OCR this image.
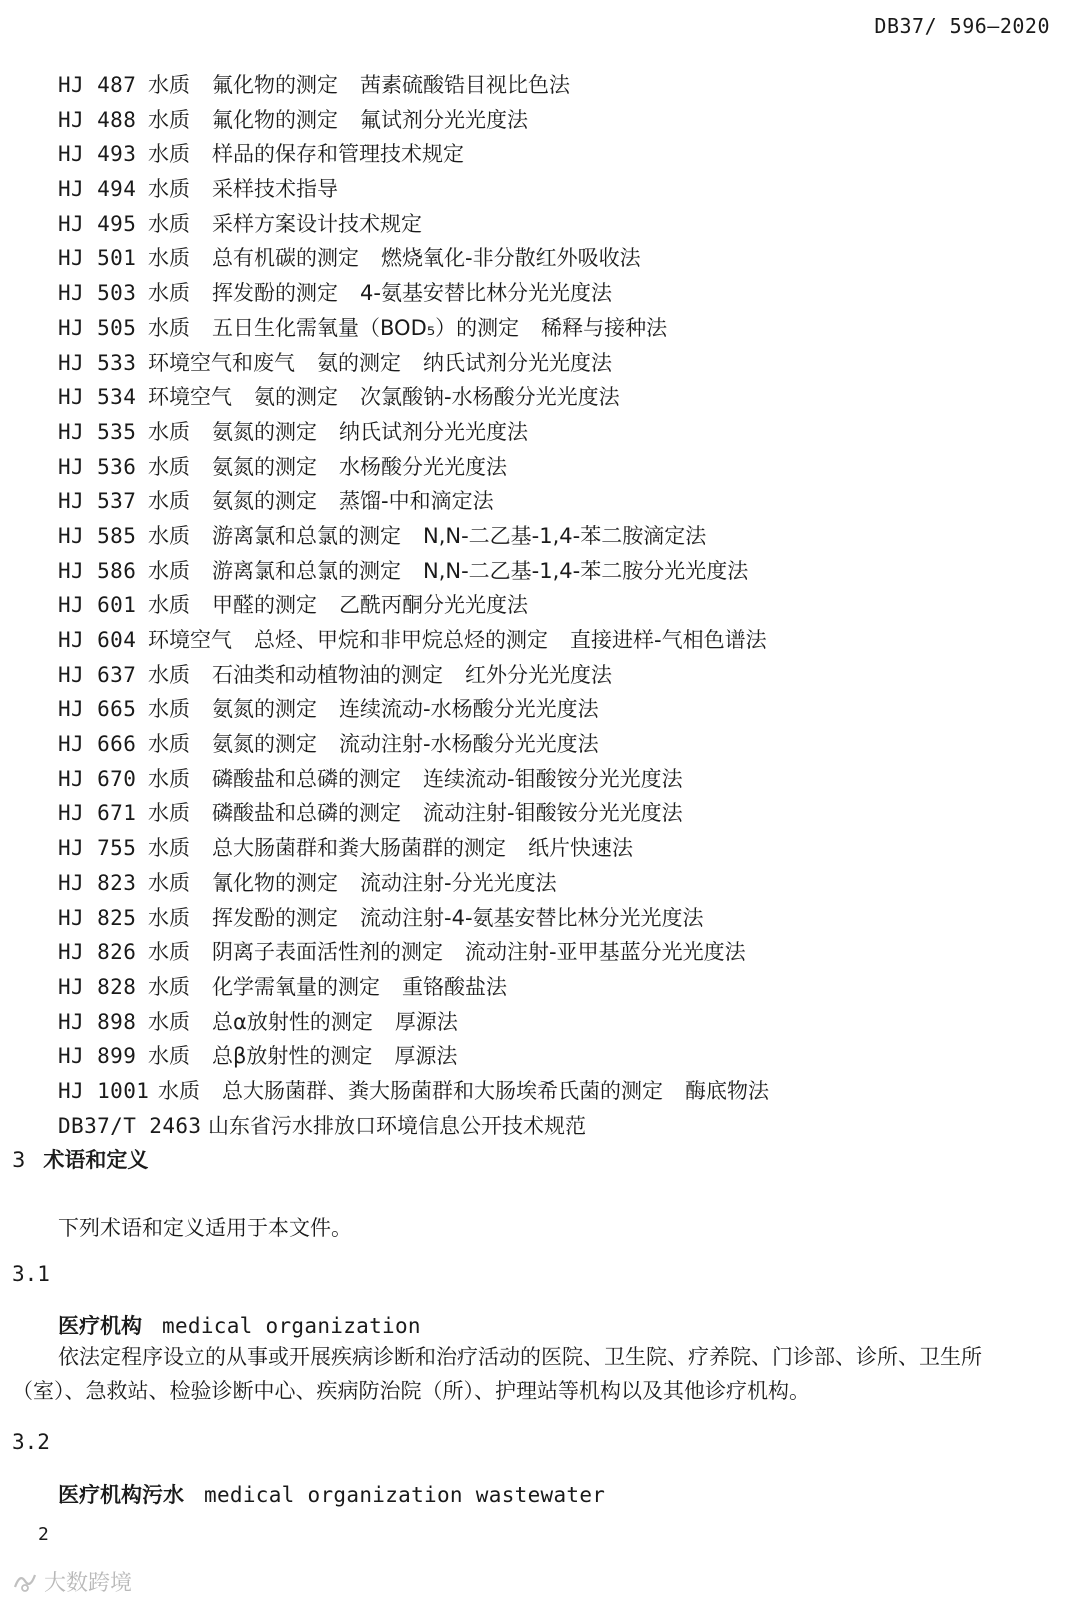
DB37/ 596—2020
HJ 487 水质 氟化物的测定 茜素硫酸锆目视比色法
HJ 488 水质 氟化物的测定 氟试剂分光光度法
HJ 493 水质 样品的保存和管理技术规定
HJ 494 水质 采样技术指导
HJ 495 水质 采样方案设计技术规定
HJ 501 水质 总有机碳的测定 燃烧氧化-非分散红外吸收法
HJ 503 水质 挥发酚的测定 4-氨基安替比林分光光度法
HJ 505 水质 五日生化需氧量（BOD₅）的测定 稀释与接种法
HJ 533 环境空气和废气 氨的测定 纳氏试剂分光光度法
HJ 534 环境空气 氨的测定 次氯酸钠-水杨酸分光光度法
HJ 535 水质 氨氮的测定 纳氏试剂分光光度法
HJ 536 水质 氨氮的测定 水杨酸分光光度法
HJ 537 水质 氨氮的测定 蒸馏-中和滴定法
HJ 585 水质 游离氯和总氯的测定 N,N-二乙基-1,4-苯二胺滴定法
HJ 586 水质 游离氯和总氯的测定 N,N-二乙基-1,4-苯二胺分光光度法
HJ 601 水质 甲醛的测定 乙酰丙酮分光光度法
HJ 604 环境空气 总烃、甲烷和非甲烷总烃的测定 直接进样-气相色谱法
HJ 637 水质 石油类和动植物油的测定 红外分光光度法
HJ 665 水质 氨氮的测定 连续流动-水杨酸分光光度法
HJ 666 水质 氨氮的测定 流动注射-水杨酸分光光度法
HJ 670 水质 磷酸盐和总磷的测定 连续流动-钼酸铵分光光度法
HJ 671 水质 磷酸盐和总磷的测定 流动注射-钼酸铵分光光度法
HJ 755 水质 总大肠菌群和粪大肠菌群的测定 纸片快速法
HJ 823 水质 氰化物的测定 流动注射-分光光度法
HJ 825 水质 挥发酚的测定 流动注射-4-氨基安替比林分光光度法
HJ 826 水质 阴离子表面活性剂的测定 流动注射-亚甲基蓝分光光度法
HJ 828 水质 化学需氧量的测定 重铬酸盐法
HJ 898 水质 总α放射性的测定 厚源法
HJ 899 水质 总β放射性的测定 厚源法
HJ 1001 水质 总大肠菌群、粪大肠菌群和大肠埃希氏菌的测定 酶底物法
DB37/T 2463 山东省污水排放口环境信息公开技术规范
3 术语和定义
下列术语和定义适用于本文件。
3.1
医疗机构 medical organization
依法定程序设立的从事或开展疾病诊断和治疗活动的医院、卫生院、疗养院、门诊部、诊所、卫生所（室）、急救站、检验诊断中心、疾病防治院（所）、护理站等机构以及其他诊疗机构。
3.2
医疗机构污水 medical organization wastewater
2
大数跨境
